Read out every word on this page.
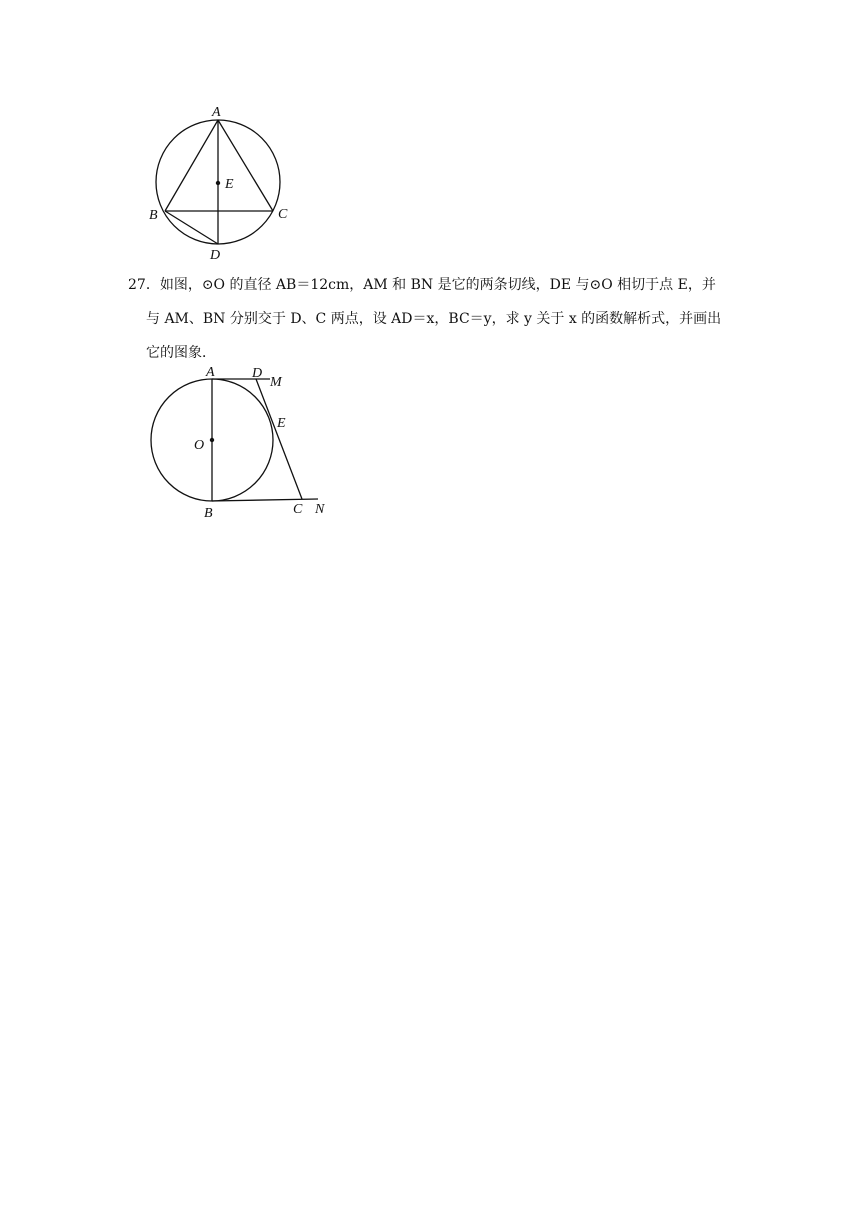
A
E
B	C
D
27．如图，⊙O 的直径 AB＝12cm，AM 和 BN 是它的两条切线，DE 与⊙O 相切于点 E，并
与 AM、BN 分别交于 D、C 两点，设 AD＝x，BC＝y，求 y 关于 x 的函数解析式，并画出
它的图象．
A	D
M
E
O
B	C N
